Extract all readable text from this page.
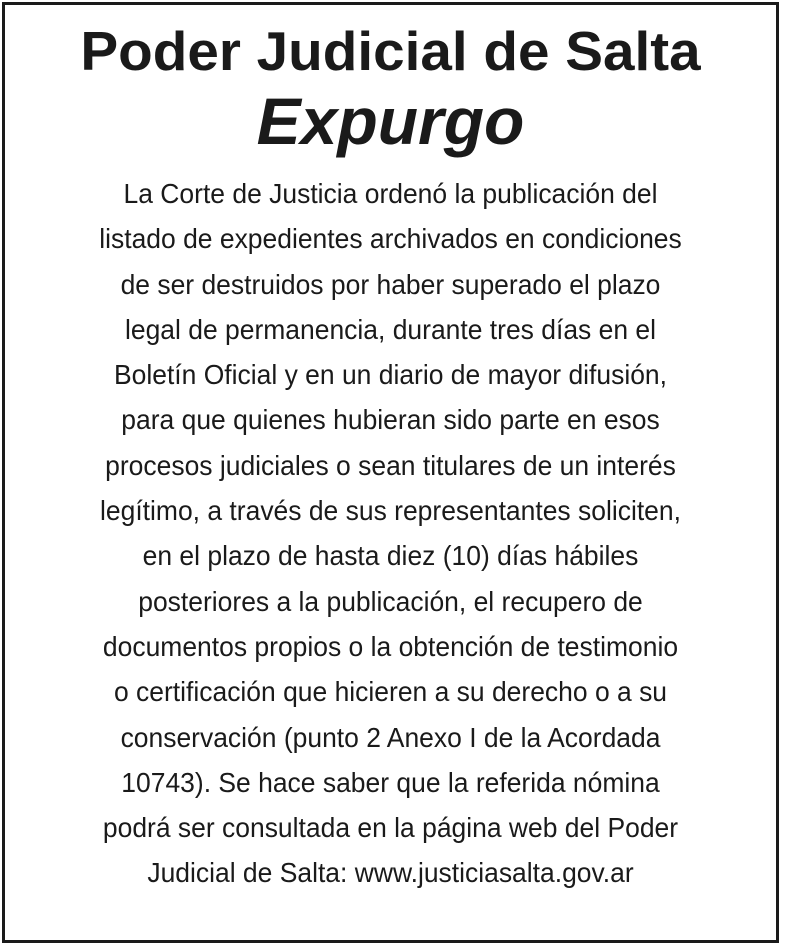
Poder Judicial de Salta
Expurgo
La Corte de Justicia ordenó la publicación del
listado de expedientes archivados en condiciones
de ser destruidos por haber superado el plazo
legal de permanencia, durante tres días en el
Boletín Oficial y en un diario de mayor difusión,
para que quienes hubieran sido parte en esos
procesos judiciales o sean titulares de un interés
legítimo, a través de sus representantes soliciten,
en el plazo de hasta diez (10) días hábiles
posteriores a la publicación, el recupero de
documentos propios o la obtención de testimonio
o certificación que hicieren a su derecho o a su
conservación (punto 2 Anexo I de la Acordada
10743). Se hace saber que la referida nómina
podrá ser consultada en la página web del Poder
Judicial de Salta: www.justiciasalta.gov.ar
